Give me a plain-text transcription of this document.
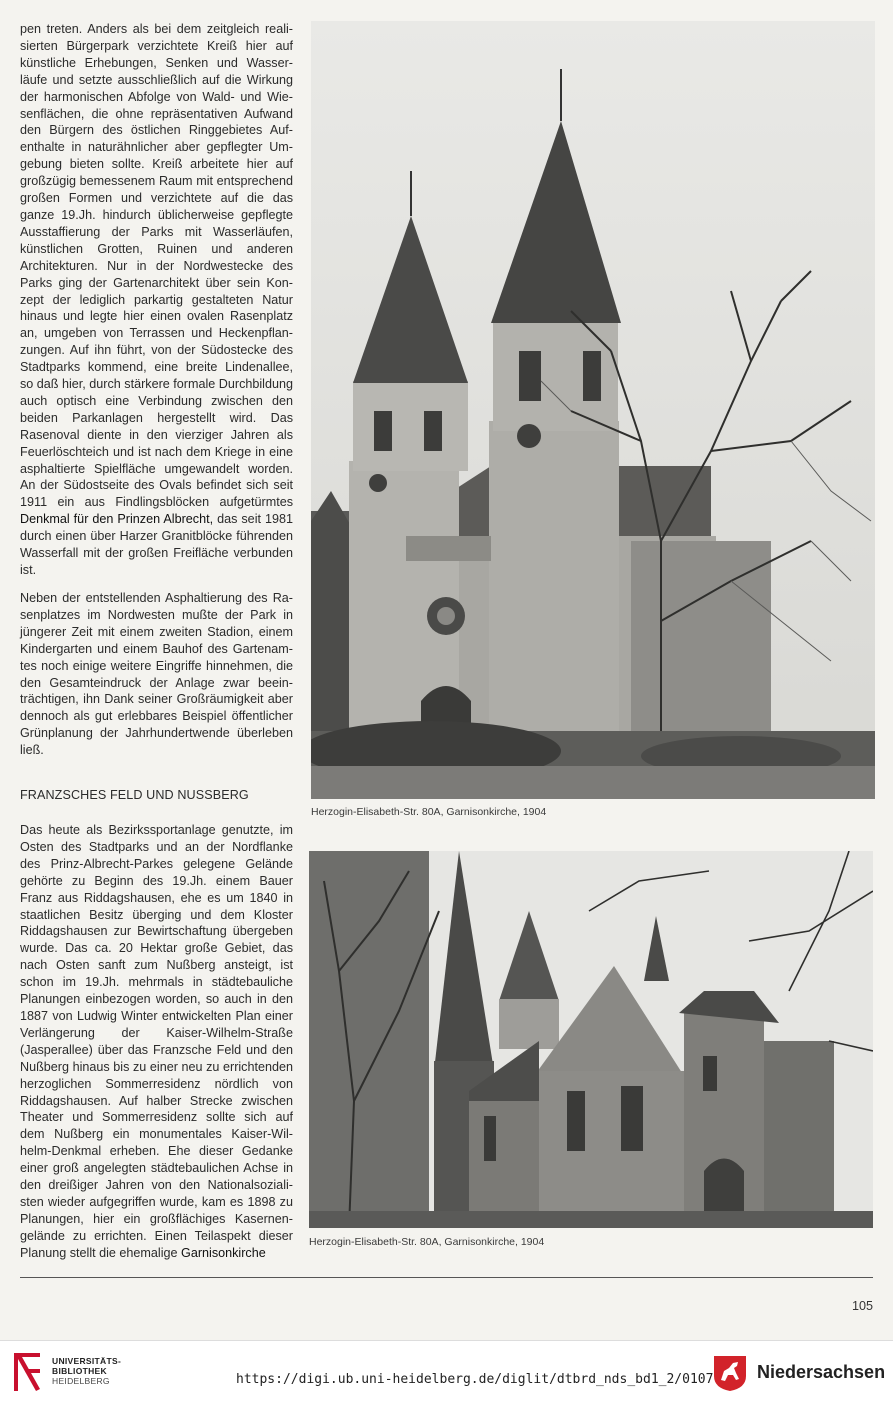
pen treten. Anders als bei dem zeitgleich realisierten Bürgerpark verzichtete Kreiß hier auf künstliche Erhebungen, Senken und Wasserläufe und setzte ausschließlich auf die Wirkung der harmonischen Abfolge von Wald- und Wiesenflächen, die ohne repräsentativen Aufwand den Bürgern des östlichen Ringgebietes Aufenthalte in naturähnlicher aber gepflegter Umgebung bieten sollte. Kreiß arbeitete hier auf großzügig bemessenem Raum mit entsprechend großen Formen und verzichtete auf die das ganze 19.Jh. hindurch üblicherweise gepflegte Ausstaffierung der Parks mit Wasserläufen, künstlichen Grotten, Ruinen und anderen Architekturen. Nur in der Nordwestecke des Parks ging der Gartenarchitekt über sein Konzept der lediglich parkartig gestalteten Natur hinaus und legte hier einen ovalen Rasenplatz an, umgeben von Terrassen und Heckenpflanzungen. Auf ihn führt, von der Südostecke des Stadtparks kommend, eine breite Lindenallee, so daß hier, durch stärkere formale Durchbildung auch optisch eine Verbindung zwischen den beiden Parkanlagen hergestellt wird. Das Rasenoval diente in den vierziger Jahren als Feuerlöschteich und ist nach dem Kriege in eine asphaltierte Spielfläche umgewandelt worden. An der Südostseite des Ovals befindet sich seit 1911 ein aus Findlingsblöcken aufgetürmtes Denkmal für den Prinzen Albrecht, das seit 1981 durch einen über Harzer Granitblöcke führenden Wasserfall mit der großen Freifläche verbunden ist.

Neben der entstellenden Asphaltierung des Rasenplatzes im Nordwesten mußte der Park in jüngerer Zeit mit einem zweiten Stadion, einem Kindergarten und einem Bauhof des Gartenamtes noch einige weitere Eingriffe hinnehmen, die den Gesamteindruck der Anlage zwar beeinträchtigen, ihn Dank seiner Großräumigkeit aber dennoch als gut erlebbares Beispiel öffentlicher Grünplanung der Jahrhundertwende überleben ließ.

FRANZSCHES FELD UND NUSSBERG

Das heute als Bezirkssportanlage genutzte, im Osten des Stadtparks und an der Nordflanke des Prinz-Albrecht-Parkes gelegene Gelände gehörte zu Beginn des 19.Jh. einem Bauer Franz aus Riddagshausen, ehe es um 1840 in staatlichen Besitz überging und dem Kloster Riddagshausen zur Bewirtschaftung übergeben wurde. Das ca. 20 Hektar große Gebiet, das nach Osten sanft zum Nußberg ansteigt, ist schon im 19.Jh. mehrmals in städtebauliche Planungen einbezogen worden, so auch in den 1887 von Ludwig Winter entwickelten Plan einer Verlängerung der Kaiser-Wilhelm-Straße (Jasperallee) über das Franzsche Feld und den Nußberg hinaus bis zu einer neu zu errichtenden herzoglichen Sommerresidenz nördlich von Riddagshausen. Auf halber Strecke zwischen Theater und Sommerresidenz sollte sich auf dem Nußberg ein monumentales Kaiser-Wilhelm-Denkmal erheben. Ehe dieser Gedanke einer groß angelegten städtebaulichen Achse in den dreißiger Jahren von den Nationalsozialisten wieder aufgegriffen wurde, kam es 1898 zu Planungen, hier ein großflächiges Kasernengelände zu errichten. Einen Teilaspekt dieser Planung stellt die ehemalige Garnisonkirche

Herzogin-Elisabeth-Str. 80A, Garnisonkirche, 1904
Herzogin-Elisabeth-Str. 80A, Garnisonkirche, 1904
105
UNIVERSITÄTS-
BIBLIOTHEK
HEIDELBERG	https://digi.ub.uni-heidelberg.de/diglit/dtbrd_nds_bd1_2/0107 Niedersachsen
